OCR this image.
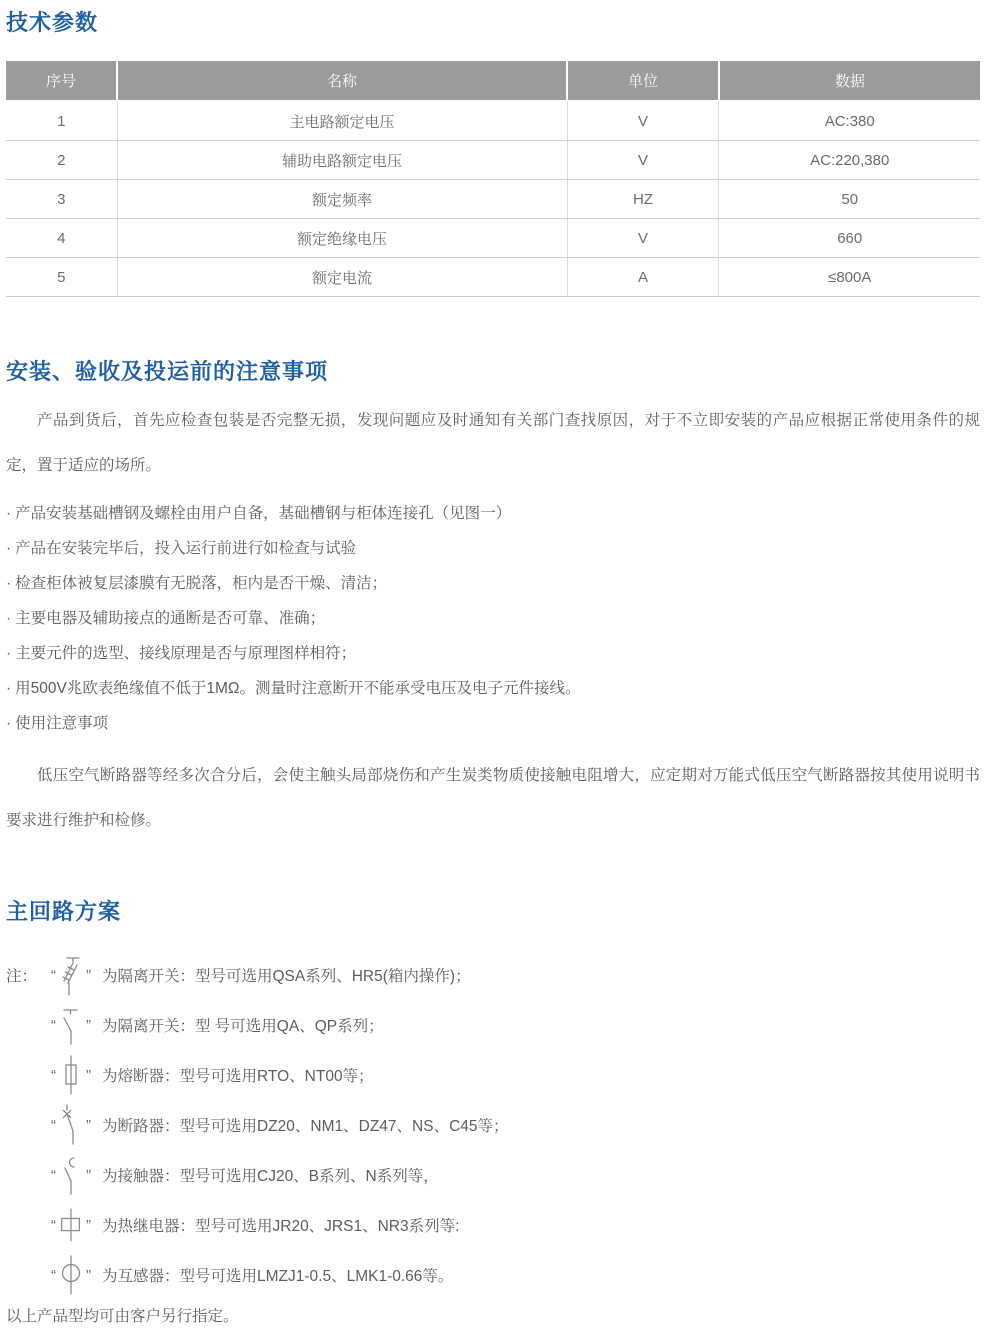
技术参数
序号	名称	单位	数据
1	主电路额定电压	V	AC:380
2	辅助电路额定电压	V	AC:220,380
3	额定频率	HZ	50
4	额定绝缘电压	V	660
5	额定电流	A	≤800A
安装、验收及投运前的注意事项

产品到货后，首先应检查包装是否完整无损，发现问题应及时通知有关部门查找原因，对于不立即安装的产品应根据正常使用条件的规定，置于适应的场所。

· 产品安装基础槽钢及螺栓由用户自备，基础槽钢与柜体连接孔（见图一）
· 产品在安装完毕后，投入运行前进行如检查与试验
· 检查柜体被复层漆膜有无脱落，柜内是否干燥、清洁；
· 主要电器及辅助接点的通断是否可靠、准确；
· 主要元件的选型、接线原理是否与原理图样相符；
· 用500V兆欧表绝缘值不低于1MΩ。测量时注意断开不能承受电压及电子元件接线。
· 使用注意事项

低压空气断路器等经多次合分后，会使主触头局部烧伤和产生炭类物质使接触电阻增大，应定期对万能式低压空气断路器按其使用说明书要求进行维护和检修。

主回路方案
注： “ ” 为隔离开关：型号可选用QSA系列、HR5(箱内操作)；
“ ” 为隔离开关：型 号可选用QA、QP系列；
“ ” 为熔断器：型号可选用RTO、NT00等；
“ ” 为断路器：型号可选用DZ20、NM1、DZ47、NS、C45等；
“ ” 为接触器：型号可选用CJ20、B系列、N系列等，
“ ” 为热继电器：型号可选用JR20、JRS1、NR3系列等:
“ ” 为互感器：型号可选用LMZJ1-0.5、LMK1-0.66等。
以上产品型均可由客户另行指定。
